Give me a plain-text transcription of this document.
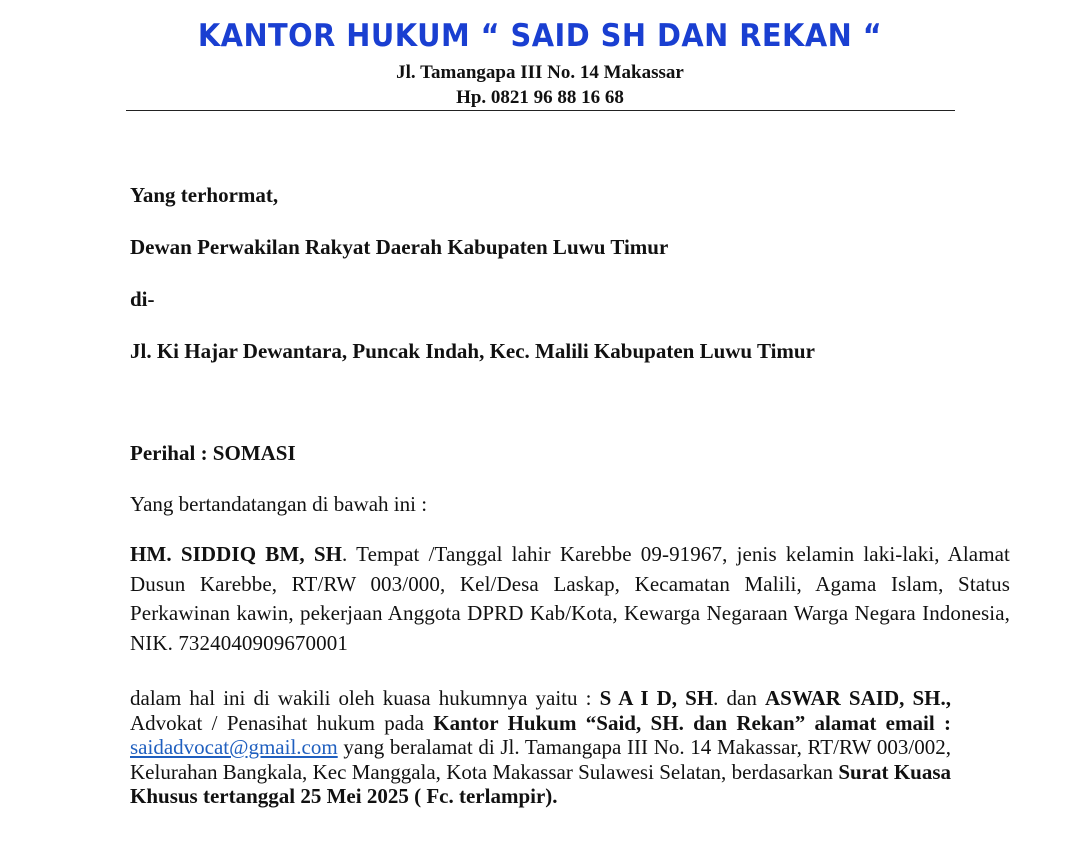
KANTOR HUKUM “ SAID SH DAN REKAN “
Jl. Tamangapa III No. 14 Makassar
Hp. 0821 96 88 16 68
Yang terhormat,
Dewan Perwakilan Rakyat Daerah Kabupaten Luwu Timur
di-
Jl. Ki Hajar Dewantara, Puncak Indah, Kec. Malili Kabupaten Luwu Timur
Perihal : SOMASI
Yang bertandatangan di bawah ini :
HM. SIDDIQ BM, SH. Tempat /Tanggal lahir Karebbe 09-91967, jenis kelamin laki-laki, Alamat Dusun Karebbe, RT/RW 003/000, Kel/Desa Laskap, Kecamatan Malili, Agama Islam, Status Perkawinan kawin, pekerjaan Anggota DPRD Kab/Kota, Kewarga Negaraan Warga Negara Indonesia, NIK. 7324040909670001
dalam hal ini di wakili oleh kuasa hukumnya yaitu : S A I D, SH. dan ASWAR SAID, SH., Advokat / Penasihat hukum pada Kantor Hukum “Said, SH. dan Rekan” alamat email : saidadvocat@gmail.com yang beralamat di Jl. Tamangapa III No. 14 Makassar, RT/RW 003/002, Kelurahan Bangkala, Kec Manggala, Kota Makassar Sulawesi Selatan, berdasarkan Surat Kuasa Khusus tertanggal 25 Mei 2025 ( Fc. terlampir).
